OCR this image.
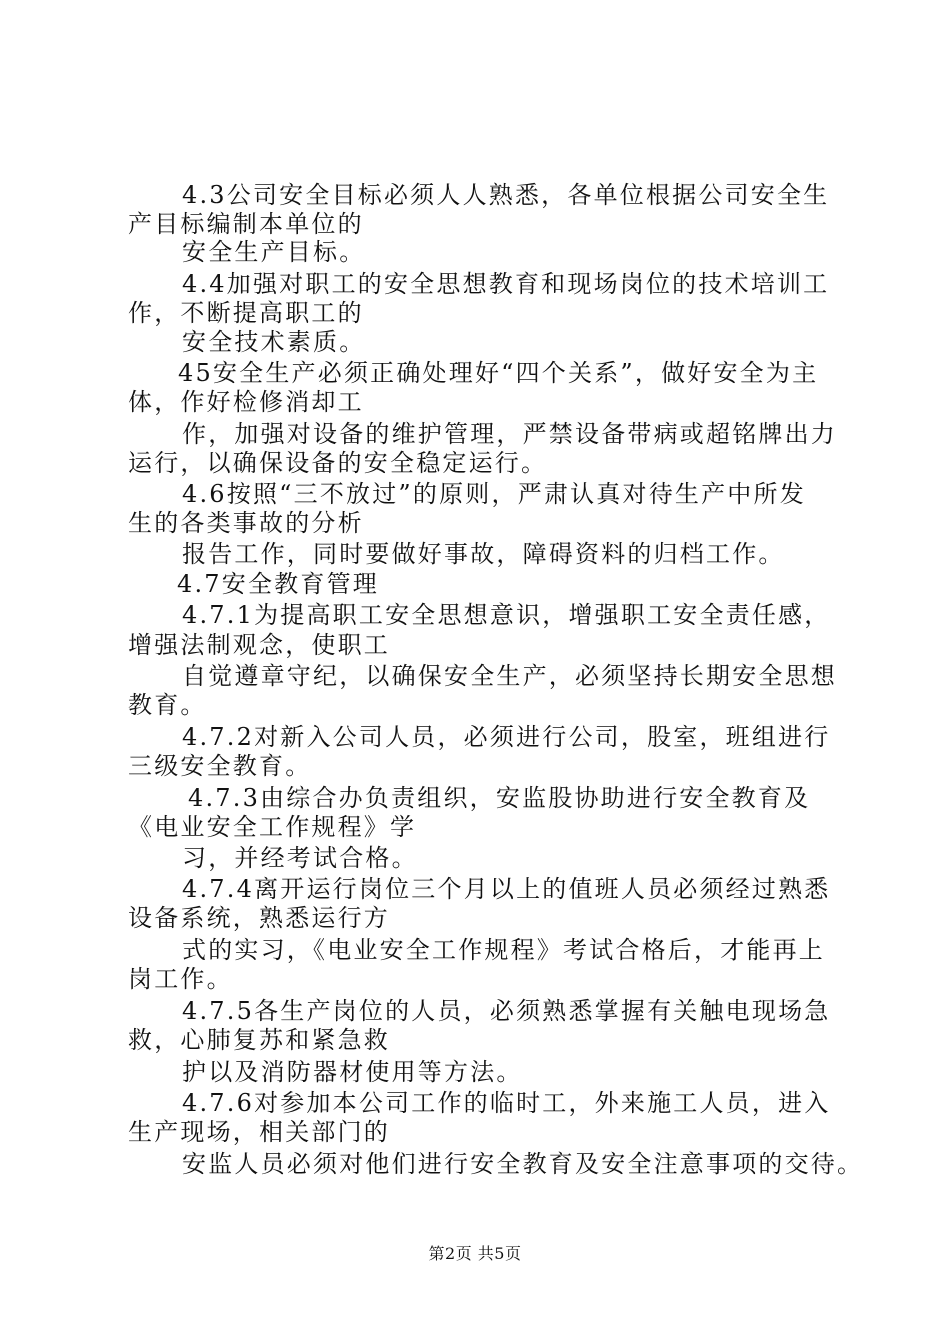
4.3公司安全目标必须人人熟悉，各单位根据公司安全生
产目标编制本单位的
安全生产目标。
4.4加强对职工的安全思想教育和现场岗位的技术培训工
作，不断提高职工的
安全技术素质。
45安全生产必须正确处理好“四个关系”，做好安全为主
体，作好检修消却工
作，加强对设备的维护管理，严禁设备带病或超铭牌出力
运行，以确保设备的安全稳定运行。
4.6按照“三不放过”的原则，严肃认真对待生产中所发
生的各类事故的分析
报告工作，同时要做好事故，障碍资料的归档工作。
4.7安全教育管理
4.7.1为提高职工安全思想意识，增强职工安全责任感，
增强法制观念，使职工
自觉遵章守纪，以确保安全生产，必须坚持长期安全思想
教育。
4.7.2对新入公司人员，必须进行公司，股室，班组进行
三级安全教育。
4.7.3由综合办负责组织，安监股协助进行安全教育及
《电业安全工作规程》学
习，并经考试合格。
4.7.4离开运行岗位三个月以上的值班人员必须经过熟悉
设备系统，熟悉运行方
式的实习，《电业安全工作规程》考试合格后，才能再上
岗工作。
4.7.5各生产岗位的人员，必须熟悉掌握有关触电现场急
救，心肺复苏和紧急救
护以及消防器材使用等方法。
4.7.6对参加本公司工作的临时工，外来施工人员，进入
生产现场，相关部门的
安监人员必须对他们进行安全教育及安全注意事项的交待。
第2页 共5页
